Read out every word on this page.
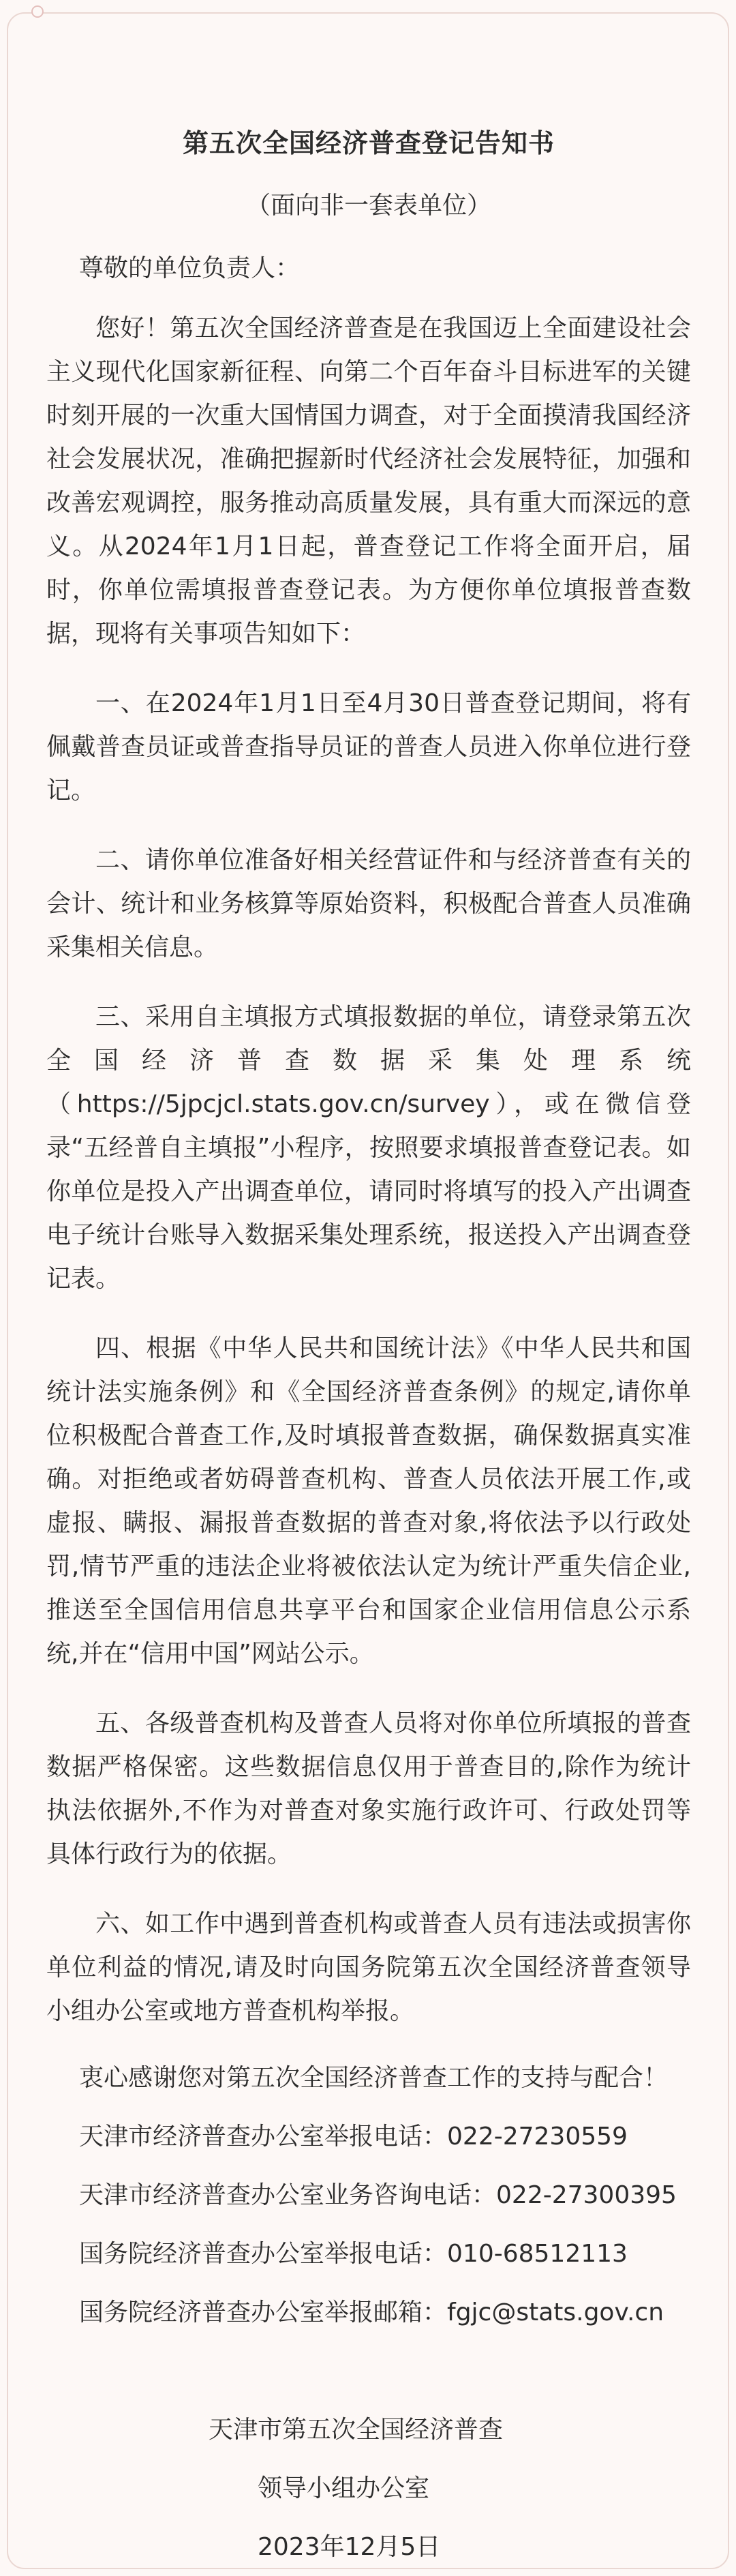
第五次全国经济普查登记告知书
（面向非一套表单位）
尊敬的单位负责人：

您好！第五次全国经济普查是在我国迈上全面建设社会主义现代化国家新征程、向第二个百年奋斗目标进军的关键时刻开展的一次重大国情国力调查，对于全面摸清我国经济社会发展状况，准确把握新时代经济社会发展特征，加强和改善宏观调控，服务推动高质量发展，具有重大而深远的意义。从2024年1月1日起，普查登记工作将全面开启，届时，你单位需填报普查登记表。为方便你单位填报普查数据，现将有关事项告知如下：

一、在2024年1月1日至4月30日普查登记期间，将有佩戴普查员证或普查指导员证的普查人员进入你单位进行登记。

二、请你单位准备好相关经营证件和与经济普查有关的会计、统计和业务核算等原始资料，积极配合普查人员准确采集相关信息。

三、采用自主填报方式填报数据的单位，请登录第五次全国经济普查数据采集处理系统（https://5jpcjcl.stats.gov.cn/survey），或在微信登录“五经普自主填报”小程序，按照要求填报普查登记表。如你单位是投入产出调查单位，请同时将填写的投入产出调查电子统计台账导入数据采集处理系统，报送投入产出调查登记表。

四、根据《中华人民共和国统计法》《中华人民共和国统计法实施条例》和《全国经济普查条例》的规定,请你单位积极配合普查工作,及时填报普查数据，确保数据真实准确。对拒绝或者妨碍普查机构、普查人员依法开展工作,或虚报、瞒报、漏报普查数据的普查对象,将依法予以行政处罚,情节严重的违法企业将被依法认定为统计严重失信企业,推送至全国信用信息共享平台和国家企业信用信息公示系统,并在“信用中国”网站公示。

五、各级普查机构及普查人员将对你单位所填报的普查数据严格保密。这些数据信息仅用于普查目的,除作为统计执法依据外,不作为对普查对象实施行政许可、行政处罚等具体行政行为的依据。

六、如工作中遇到普查机构或普查人员有违法或损害你单位利益的情况,请及时向国务院第五次全国经济普查领导小组办公室或地方普查机构举报。

衷心感谢您对第五次全国经济普查工作的支持与配合！
天津市经济普查办公室举报电话：022-27230559
天津市经济普查办公室业务咨询电话：022-27300395
国务院经济普查办公室举报电话：010-68512113
国务院经济普查办公室举报邮箱：fgjc@stats.gov.cn
天津市第五次全国经济普查
领导小组办公室
2023年12月5日
